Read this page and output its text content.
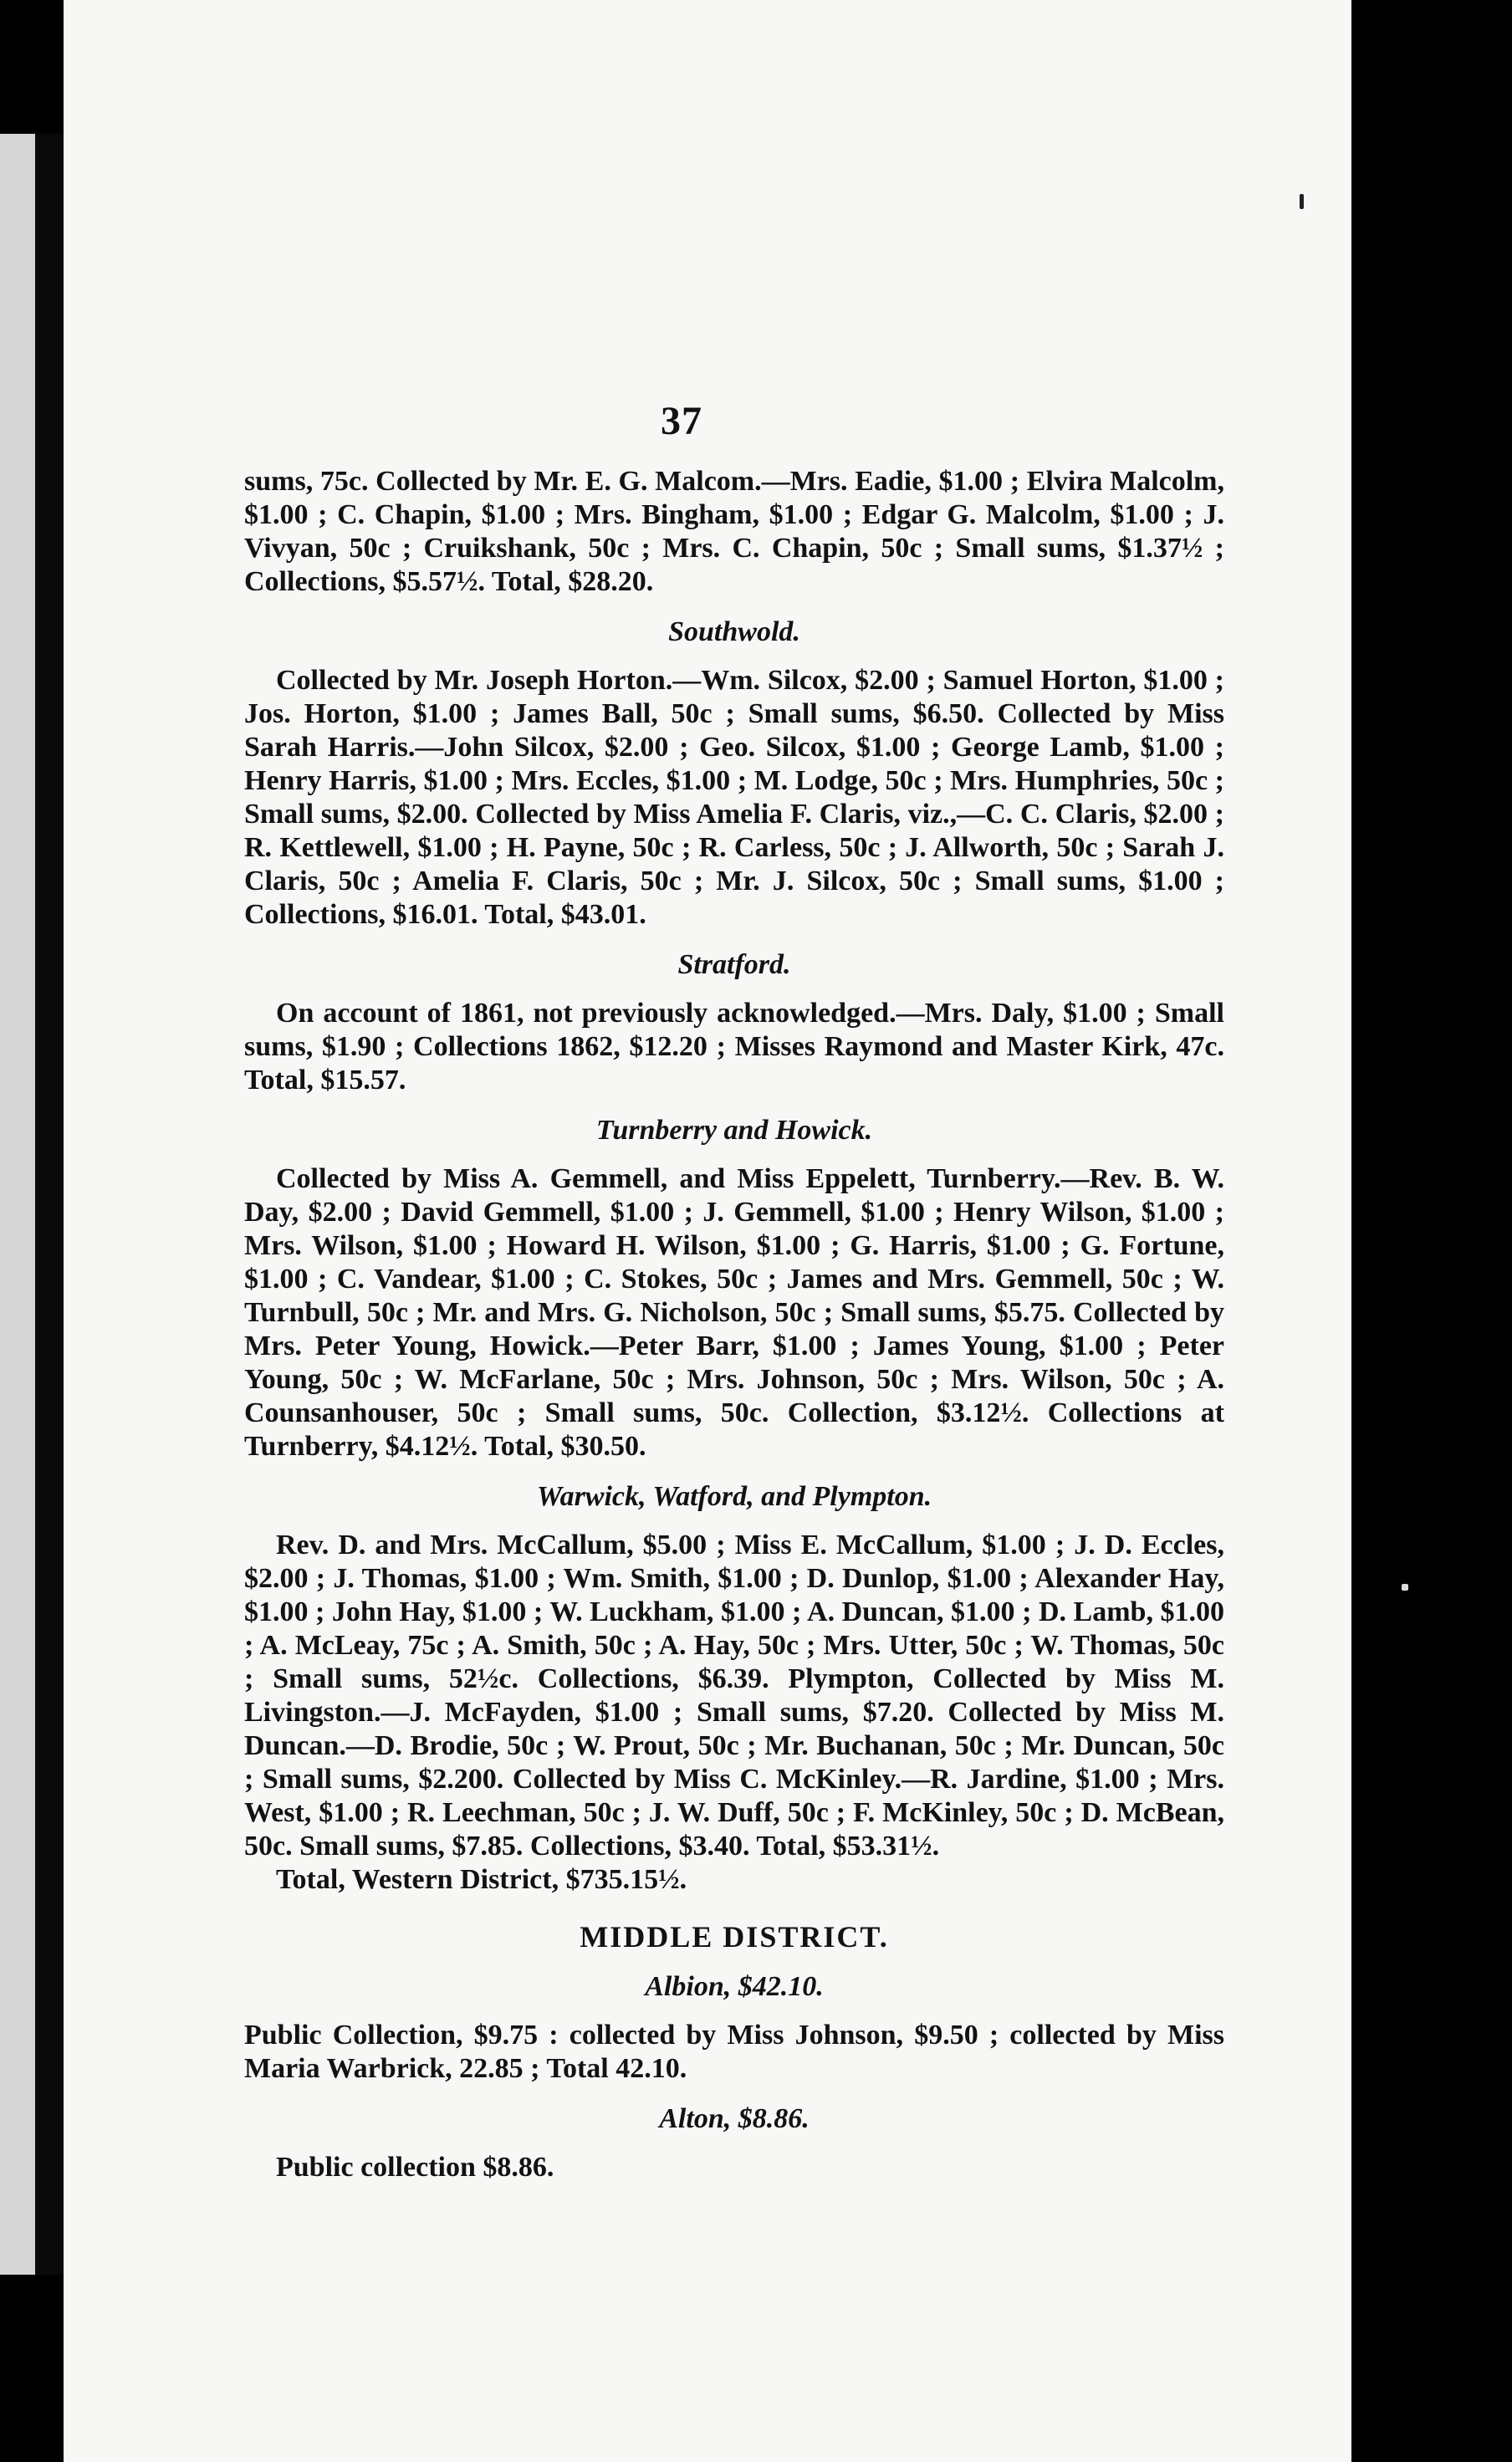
37

sums, 75c. Collected by Mr. E. G. Malcom.—Mrs. Eadie, $1.00 ; Elvira Malcolm, $1.00 ; C. Chapin, $1.00 ; Mrs. Bingham, $1.00 ; Edgar G. Malcolm, $1.00 ; J. Vivyan, 50c ; Cruikshank, 50c ; Mrs. C. Chapin, 50c ; Small sums, $1.37½ ; Collections, $5.57½. Total, $28.20.

Southwold.

Collected by Mr. Joseph Horton.—Wm. Silcox, $2.00 ; Samuel Horton, $1.00 ; Jos. Horton, $1.00 ; James Ball, 50c ; Small sums, $6.50. Collected by Miss Sarah Harris.—John Silcox, $2.00 ; Geo. Silcox, $1.00 ; George Lamb, $1.00 ; Henry Harris, $1.00 ; Mrs. Eccles, $1.00 ; M. Lodge, 50c ; Mrs. Humphries, 50c ; Small sums, $2.00. Collected by Miss Amelia F. Claris, viz.,—C. C. Claris, $2.00 ; R. Kettlewell, $1.00 ; H. Payne, 50c ; R. Carless, 50c ; J. Allworth, 50c ; Sarah J. Claris, 50c ; Amelia F. Claris, 50c ; Mr. J. Silcox, 50c ; Small sums, $1.00 ; Collections, $16.01. Total, $43.01.

Stratford.

On account of 1861, not previously acknowledged.—Mrs. Daly, $1.00 ; Small sums, $1.90 ; Collections 1862, $12.20 ; Misses Raymond and Master Kirk, 47c. Total, $15.57.

Turnberry and Howick.

Collected by Miss A. Gemmell, and Miss Eppelett, Turnberry.—Rev. B. W. Day, $2.00 ; David Gemmell, $1.00 ; J. Gemmell, $1.00 ; Henry Wilson, $1.00 ; Mrs. Wilson, $1.00 ; Howard H. Wilson, $1.00 ; G. Harris, $1.00 ; G. Fortune, $1.00 ; C. Vandear, $1.00 ; C. Stokes, 50c ; James and Mrs. Gemmell, 50c ; W. Turnbull, 50c ; Mr. and Mrs. G. Nicholson, 50c ; Small sums, $5.75. Collected by Mrs. Peter Young, Howick.—Peter Barr, $1.00 ; James Young, $1.00 ; Peter Young, 50c ; W. McFarlane, 50c ; Mrs. Johnson, 50c ; Mrs. Wilson, 50c ; A. Counsanhouser, 50c ; Small sums, 50c. Collection, $3.12½. Collections at Turnberry, $4.12½. Total, $30.50.

Warwick, Watford, and Plympton.

Rev. D. and Mrs. McCallum, $5.00 ; Miss E. McCallum, $1.00 ; J. D. Eccles, $2.00 ; J. Thomas, $1.00 ; Wm. Smith, $1.00 ; D. Dunlop, $1.00 ; Alexander Hay, $1.00 ; John Hay, $1.00 ; W. Luckham, $1.00 ; A. Duncan, $1.00 ; D. Lamb, $1.00 ; A. McLeay, 75c ; A. Smith, 50c ; A. Hay, 50c ; Mrs. Utter, 50c ; W. Thomas, 50c ; Small sums, 52½c. Collections, $6.39. Plympton, Collected by Miss M. Livingston.—J. McFayden, $1.00 ; Small sums, $7.20. Collected by Miss M. Duncan.—D. Brodie, 50c ; W. Prout, 50c ; Mr. Buchanan, 50c ; Mr. Duncan, 50c ; Small sums, $2.200. Collected by Miss C. McKinley.—R. Jardine, $1.00 ; Mrs. West, $1.00 ; R. Leechman, 50c ; J. W. Duff, 50c ; F. McKinley, 50c ; D. McBean, 50c. Small sums, $7.85. Collections, $3.40. Total, $53.31½.

Total, Western District, $735.15½.

MIDDLE DISTRICT.
Albion, $42.10.

Public Collection, $9.75 : collected by Miss Johnson, $9.50 ; collected by Miss Maria Warbrick, 22.85 ; Total 42.10.

Alton, $8.86.

Public collection $8.86.
